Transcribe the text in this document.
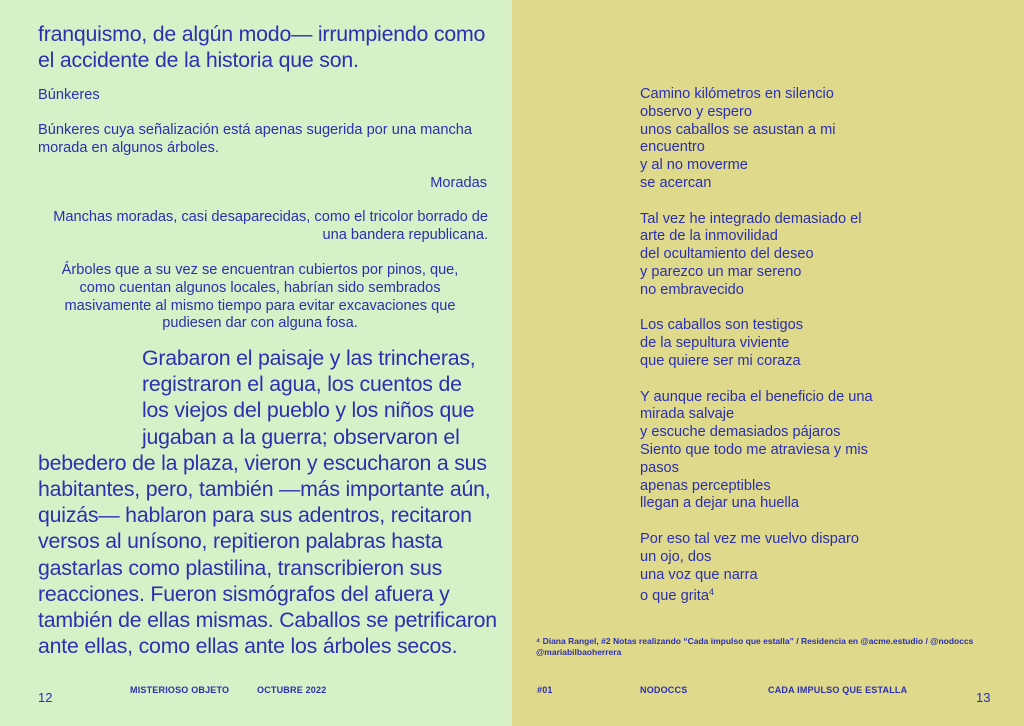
franquismo, de algún modo— irrumpiendo como el accidente de la historia que son.

Búnkeres

Búnkeres cuya señalización está apenas sugerida por una mancha morada en algunos árboles.

Moradas

Manchas moradas, casi desaparecidas, como el tricolor borrado de una bandera republicana.

Árboles que a su vez se encuentran cubiertos por pinos, que, como cuentan algunos locales, habrían sido sembrados masivamente al mismo tiempo para evitar excavaciones que pudiesen dar con alguna fosa.

Grabaron el paisaje y las trincheras,
registraron el agua, los cuentos de
los viejos del pueblo y los niños que
jugaban a la guerra; observaron el
bebedero de la plaza, vieron y escucharon a sus
habitantes, pero, también —más importante aún,
quizás— hablaron para sus adentros, recitaron
versos al unísono, repitieron palabras hasta
gastarlas como plastilina, transcribieron sus
reacciones. Fueron sismógrafos del afuera y
también de ellas mismas. Caballos se petrificaron
ante ellas, como ellas ante los árboles secos.
12	MISTERIOSO OBJETO	OCTUBRE 2022

Camino kilómetros en silencio
observo y espero
unos caballos se asustan a mi
encuentro
y al no moverme
se acercan

Tal vez he integrado demasiado el
arte de la inmovilidad
del ocultamiento del deseo
y parezco un mar sereno
no embravecido

Los caballos son testigos
de la sepultura viviente
que quiere ser mi coraza

Y aunque reciba el beneficio de una
mirada salvaje
y escuche demasiados pájaros
Siento que todo me atraviesa y mis
pasos
apenas perceptibles
llegan a dejar una huella

Por eso tal vez me vuelvo disparo
un ojo, dos
una voz que narra
o que grita$^4$

⁴ Diana Rangel, #2 Notas realizando “Cada impulso que estalla” / Residencia en @acme.estudio / @nodoccs @mariabilbaoherrera
#01	NODOCCS	CADA IMPULSO QUE ESTALLA	13
